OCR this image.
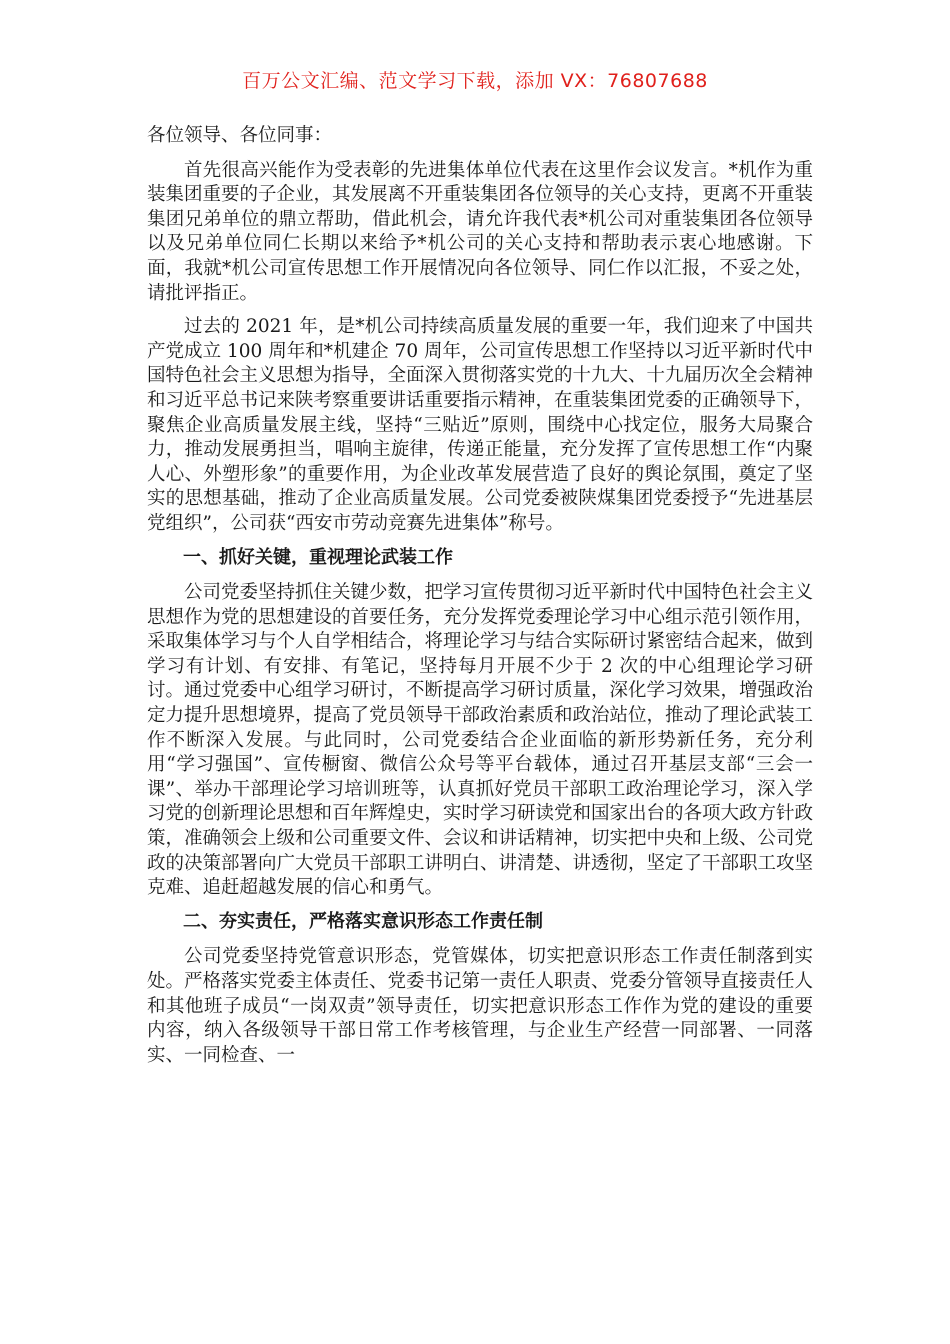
百万公文汇编、范文学习下载，添加 VX：76807688

各位领导、各位同事：

首先很高兴能作为受表彰的先进集体单位代表在这里作会议发言。*机作为重装集团重要的子企业，其发展离不开重装集团各位领导的关心支持，更离不开重装集团兄弟单位的鼎立帮助，借此机会，请允许我代表*机公司对重装集团各位领导以及兄弟单位同仁长期以来给予*机公司的关心支持和帮助表示衷心地感谢。下面，我就*机公司宣传思想工作开展情况向各位领导、同仁作以汇报，不妥之处，请批评指正。

过去的 2021 年，是*机公司持续高质量发展的重要一年，我们迎来了中国共产党成立 100 周年和*机建企 70 周年，公司宣传思想工作坚持以习近平新时代中国特色社会主义思想为指导，全面深入贯彻落实党的十九大、十九届历次全会精神和习近平总书记来陕考察重要讲话重要指示精神，在重装集团党委的正确领导下，聚焦企业高质量发展主线，坚持“三贴近”原则，围绕中心找定位，服务大局聚合力，推动发展勇担当，唱响主旋律，传递正能量，充分发挥了宣传思想工作“内聚人心、外塑形象”的重要作用，为企业改革发展营造了良好的舆论氛围，奠定了坚实的思想基础，推动了企业高质量发展。公司党委被陕煤集团党委授予“先进基层党组织”，公司获“西安市劳动竞赛先进集体”称号。

一、抓好关键，重视理论武装工作

公司党委坚持抓住关键少数，把学习宣传贯彻习近平新时代中国特色社会主义思想作为党的思想建设的首要任务，充分发挥党委理论学习中心组示范引领作用，采取集体学习与个人自学相结合，将理论学习与结合实际研讨紧密结合起来，做到学习有计划、有安排、有笔记，坚持每月开展不少于 2 次的中心组理论学习研讨。通过党委中心组学习研讨，不断提高学习研讨质量，深化学习效果，增强政治定力提升思想境界，提高了党员领导干部政治素质和政治站位，推动了理论武装工作不断深入发展。与此同时，公司党委结合企业面临的新形势新任务，充分利用“学习强国”、宣传橱窗、微信公众号等平台载体，通过召开基层支部“三会一课”、举办干部理论学习培训班等，认真抓好党员干部职工政治理论学习，深入学习党的创新理论思想和百年辉煌史，实时学习研读党和国家出台的各项大政方针政策，准确领会上级和公司重要文件、会议和讲话精神，切实把中央和上级、公司党政的决策部署向广大党员干部职工讲明白、讲清楚、讲透彻，坚定了干部职工攻坚克难、追赶超越发展的信心和勇气。

二、夯实责任，严格落实意识形态工作责任制

公司党委坚持党管意识形态，党管媒体，切实把意识形态工作责任制落到实处。严格落实党委主体责任、党委书记第一责任人职责、党委分管领导直接责任人和其他班子成员“一岗双责”领导责任，切实把意识形态工作作为党的建设的重要内容，纳入各级领导干部日常工作考核管理，与企业生产经营一同部署、一同落实、一同检查、一
